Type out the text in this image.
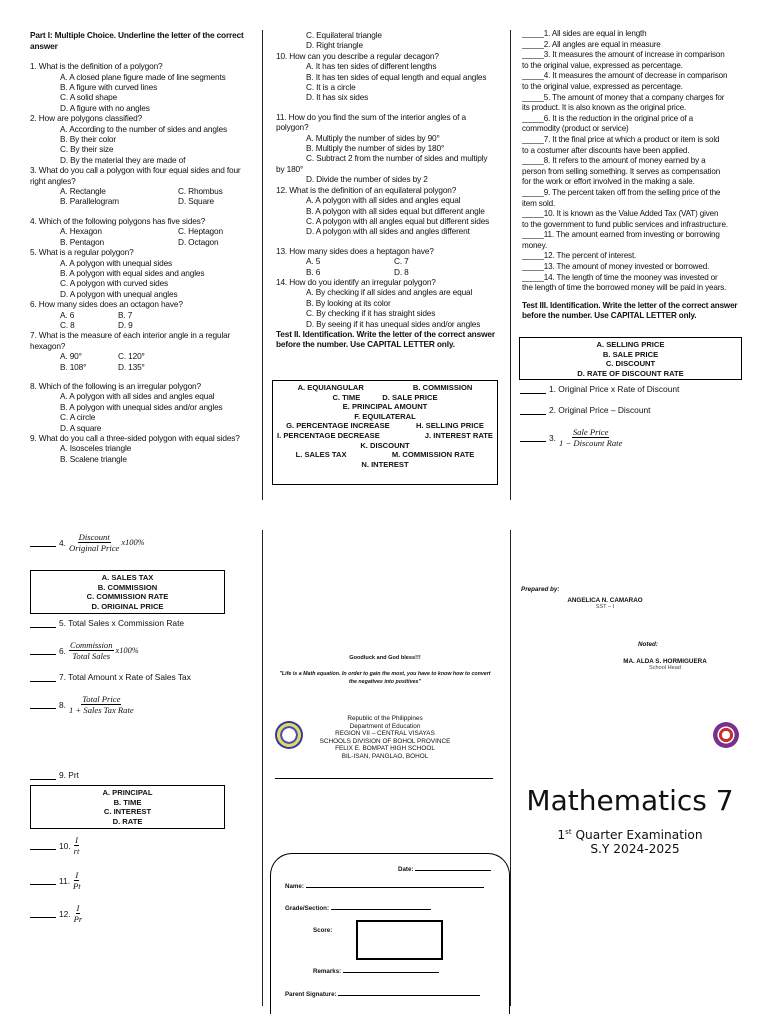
Part I: Multiple Choice. Underline the letter of the correct answer
1. What is the definition of a polygon?
A. A closed plane figure made of line segments
B. A figure with curved lines
C. A solid shape
D. A figure with no angles
2. How are polygons classified?
A. According to the number of sides and angles
B. By their color
C. By their size
D. By the material they are made of
3. What do you call a polygon with four equal sides and four right angles?
A. Rectangle	C. Rhombus
B. Parallelogram	D. Square
4. Which of the following polygons has five sides?
A. Hexagon	C. Heptagon
B. Pentagon	D. Octagon
5. What is a regular polygon?
A. A polygon with unequal sides
B. A polygon with equal sides and angles
C. A polygon with curved sides
D. A polygon with unequal angles
6. How many sides does an octagon have?
A. 6	B. 7
C. 8	D. 9
7. What is the measure of each interior angle in a regular hexagon?
A. 90°	C. 120°
B. 108°	D. 135°
8. Which of the following is an irregular polygon?
A. A polygon with all sides and angles equal
B. A polygon with unequal sides and/or angles
C. A circle
D. A square
9. What do you call a three-sided polygon with equal sides?
A. Isosceles triangle
B. Scalene triangle
C. Equilateral triangle
D. Right triangle
10. How can you describe a regular decagon?
A. It has ten sides of different lengths
B. It has ten sides of equal length and equal angles
C. It is a circle
D. It has six sides
11. How do you find the sum of the interior angles of a polygon?
A. Multiply the number of sides by 90°
B. Multiply the number of sides by 180°
C. Subtract 2 from the number of sides and multiply by 180°
D. Divide the number of sides by 2
12. What is the definition of an equilateral polygon?
A. A polygon with all sides and angles equal
B. A polygon with all sides equal but different angle
C. A polygon with all angles equal but different sides
D. A polygon with all sides and angles different
13. How many sides does a heptagon have?
A. 5	C. 7
B. 6	D. 8
14. How do you identify an irregular polygon?
A. By checking if all sides and angles are equal
B. By looking at its color
C. By checking if it has straight sides
D. By seeing if it has unequal sides and/or angles
Test II. Identification. Write the letter of the correct answer before the number. Use CAPITAL LETTER only.
A. EQUIANGULAR	B. COMMISSION
C. TIME	D. SALE PRICE
E. PRINCIPAL AMOUNT
F. EQUILATERAL
G. PERCENTAGE INCREASE	H. SELLING PRICE
I. PERCENTAGE DECREASE	J. INTEREST RATE
K. DISCOUNT
L. SALES TAX	M. COMMISSION RATE
N. INTEREST
_____1. All sides are equal in length
_____2. All angles are equal in measure
_____3. It measures the amount of increase in comparison
to the original value, expressed as percentage.
_____4. It measures the amount of decrease in comparison
to the original value, expressed as percentage.
_____5. The amount of money that a company charges for
its product. It is also known as the original price.
_____6. It is the reduction in the original price of a
commodity (product or service)
_____7. It the final price at which a product or item is sold
to a costumer after discounts have been applied.
_____8. It refers to the amount of money earned by a
person from selling something. It serves as compensation
for the work or effort involved in the making a sale.
_____9. The percent taken off from the selling price of the
item sold.
_____10. It is known as the Value Added Tax (VAT) given
to the government to fund public services and infrastructure.
_____11. The amount earned from investing or borrowing
money.
_____12. The percent of interest.
_____13. The amount of money invested or borrowed.
_____14. The length of time the mooney was invested or
the length of time the borrowed money will be paid in years.
Test III. Identification. Write the letter of the correct answer before the number. Use CAPITAL LETTER only.
A. SELLING PRICE
B. SALE PRICE
C. DISCOUNT
D. RATE OF DISCOUNT RATE
1. Original Price x Rate of Discount
2. Original Price – Discount
3. $\frac{\text{Sale Price}}{\text{1 − Discount Rate}}$
4. $\frac{\text{Discount}}{\text{Original Price}} x100\%$
A. SALES TAX
B. COMMISSION
C. COMMISSION RATE
D. ORIGINAL PRICE
5. Total Sales x Commission Rate
6. $\frac{\text{Commission}}{\text{Total Sales}} x100\%$
7. Total Amount x Rate of Sales Tax
8. $\frac{\text{Total Price}}{\text{1 + Sales Tax Rate}}$
9. Prt
A. PRINCIPAL
B. TIME
C. INTEREST
D. RATE
10. $\frac{I}{rt}$
11. $\frac{I}{Pt}$
12. $\frac{I}{Pr}$
Goodluck and God bless!!!
"Life is a Math equation. In order to gain the most, you have to know how to convert the negatives into positives"
Republic of the Philippines
Department of Education
REGION VII – CENTRAL VISAYAS
SCHOOLS DIVISION OF BOHOL PROVINCE
FELIX E. BOMPAT HIGH SCHOOL
BIL-ISAN, PANGLAO, BOHOL
Date:
Name:
Grade/Section:
Score:
Remarks:
Parent Signature:
Prepared by:
ANGELICA N. CAMARAO
SST – I
Noted:
MA. ALDA S. HORMIGUERA
School Head
Mathematics 7
1st Quarter Examination
S.Y 2024-2025
